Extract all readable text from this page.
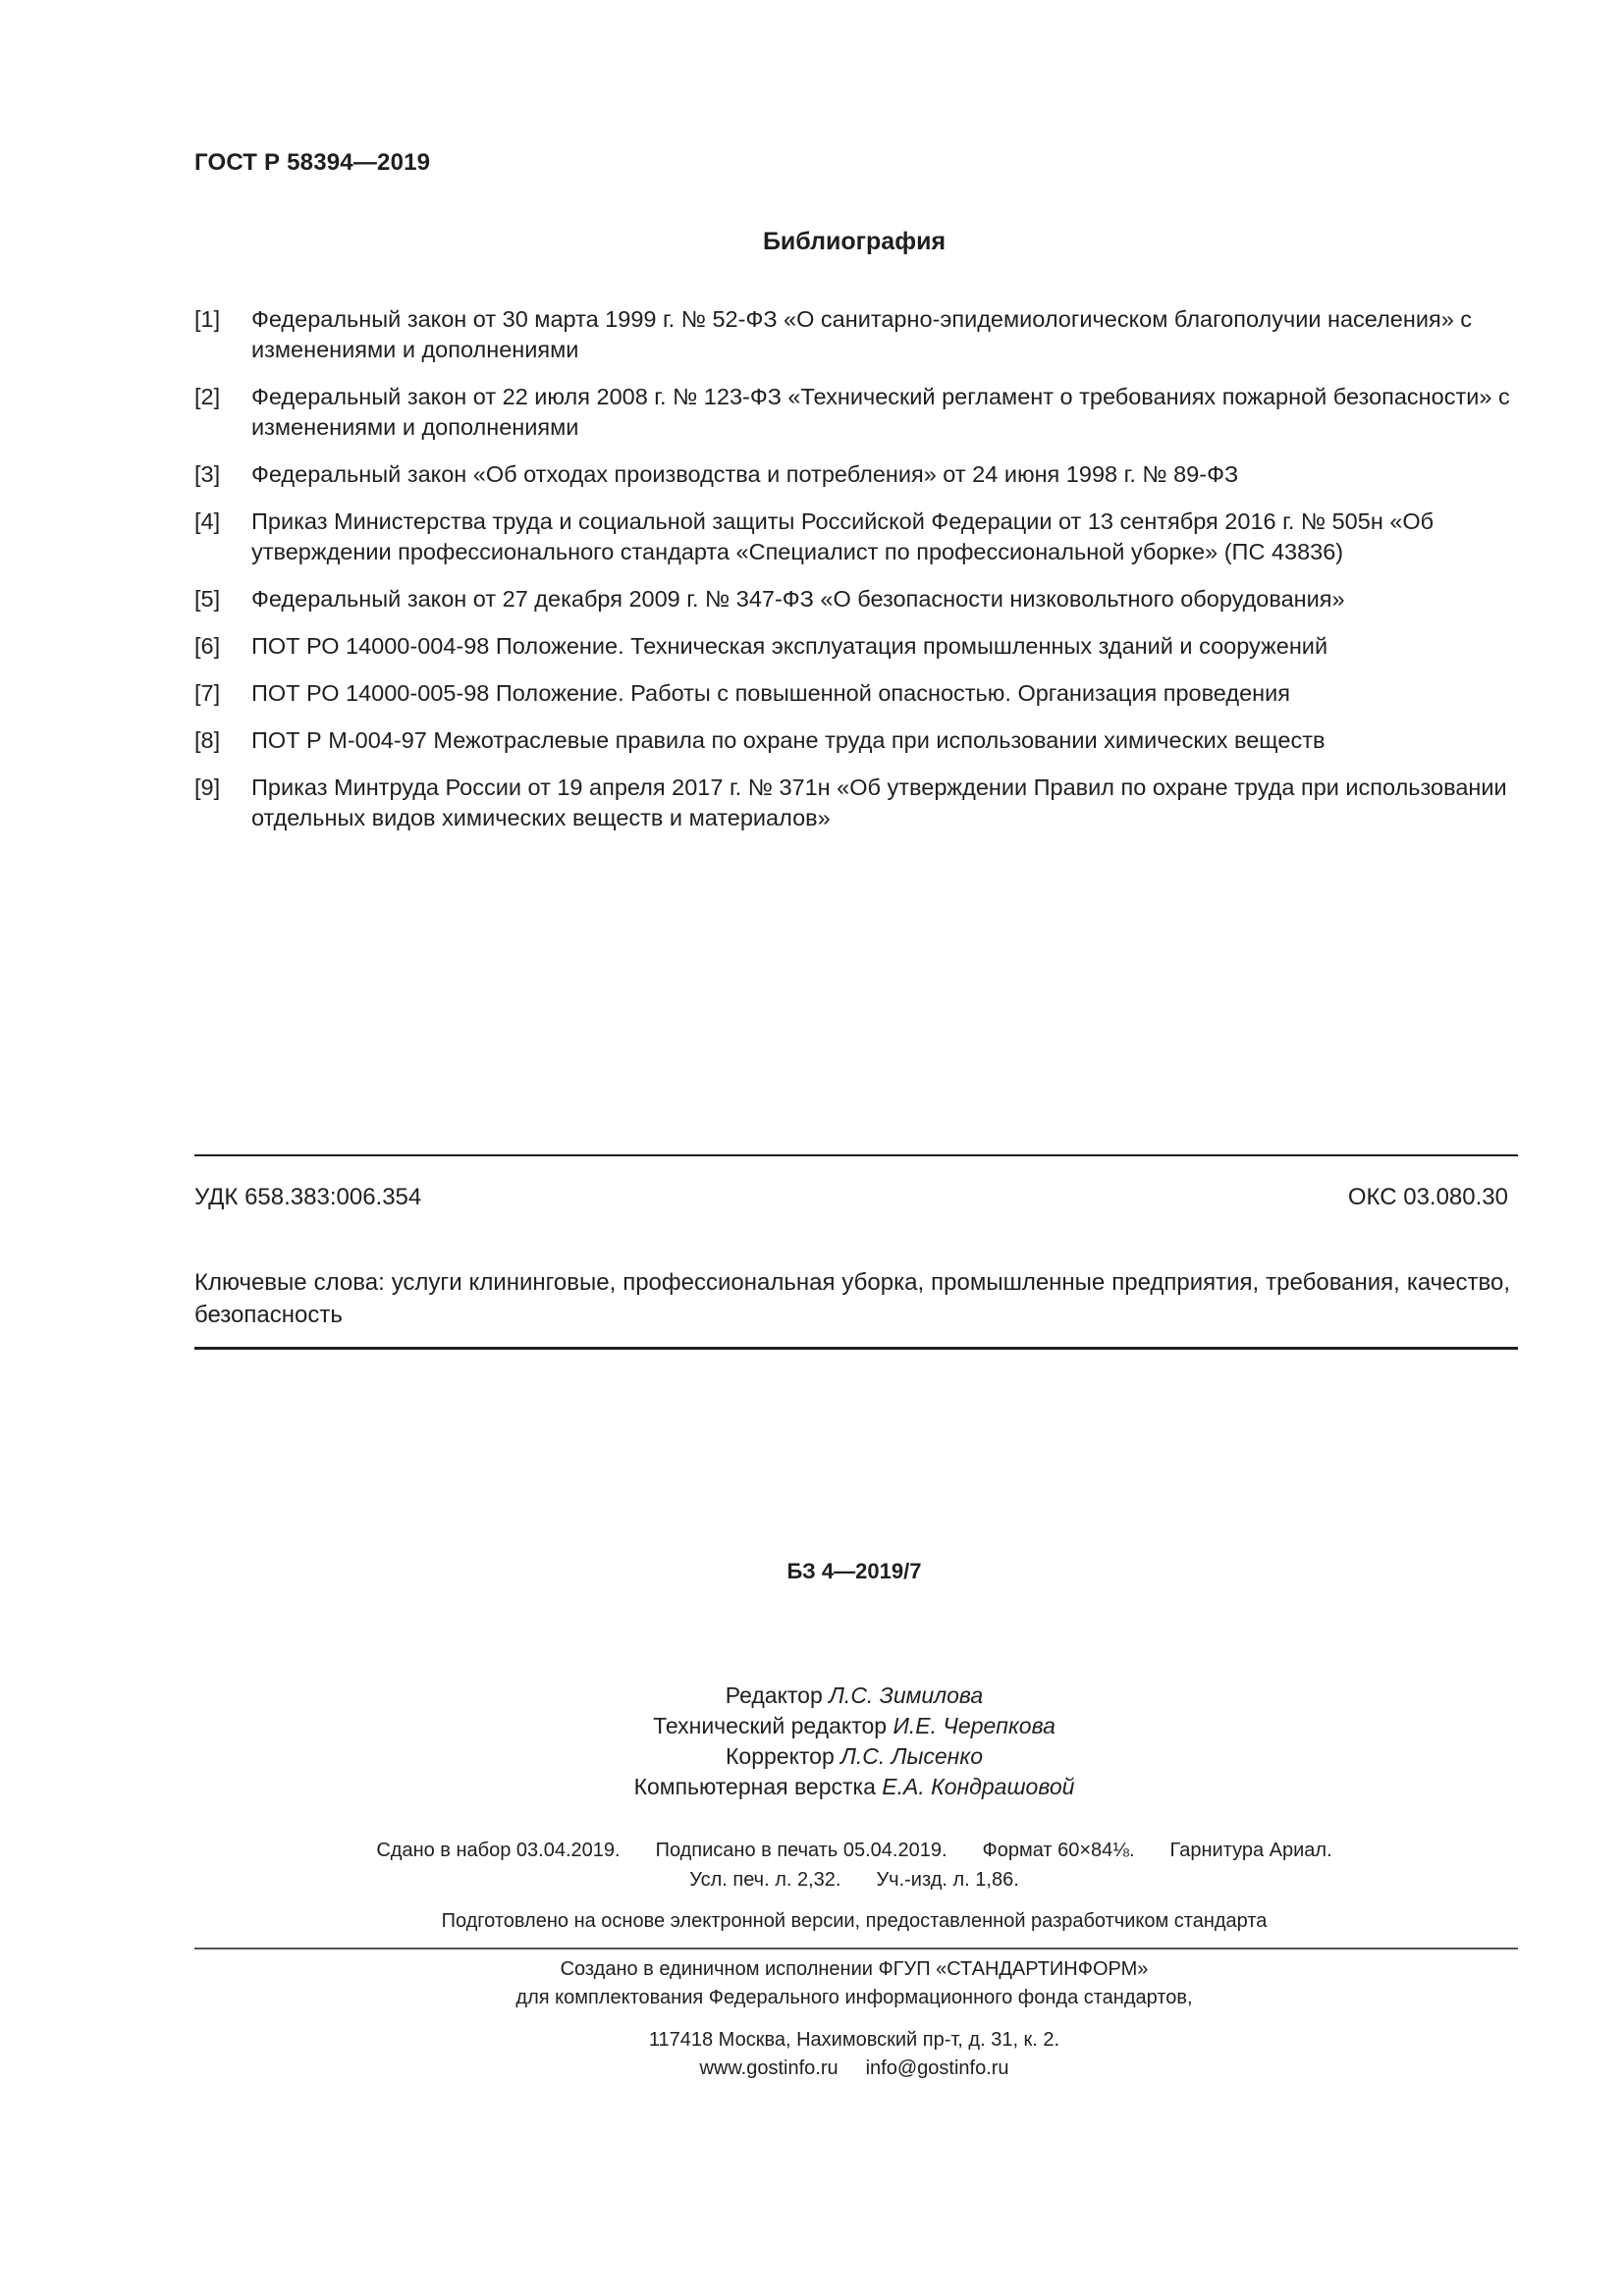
ГОСТ Р 58394—2019
Библиография
[1]	Федеральный закон от 30 марта 1999 г. № 52-ФЗ «О санитарно-эпидемиологическом благополучии населения» с изменениями и дополнениями
[2]	Федеральный закон от 22 июля 2008 г. № 123-ФЗ «Технический регламент о требованиях пожарной безопасности» с изменениями и дополнениями
[3]	Федеральный закон «Об отходах производства и потребления» от 24 июня 1998 г. № 89-ФЗ
[4]	Приказ Министерства труда и социальной защиты Российской Федерации от 13 сентября 2016 г. № 505н «Об утверждении профессионального стандарта «Специалист по профессиональной уборке» (ПС 43836)
[5]	Федеральный закон от 27 декабря 2009 г. № 347-ФЗ «О безопасности низковольтного оборудования»
[6]	ПОТ РО 14000-004-98 Положение. Техническая эксплуатация промышленных зданий и сооружений
[7]	ПОТ РО 14000-005-98 Положение. Работы с повышенной опасностью. Организация проведения
[8]	ПОТ Р М-004-97 Межотраслевые правила по охране труда при использовании химических веществ
[9]	Приказ Минтруда России от 19 апреля 2017 г. № 371н «Об утверждении Правил по охране труда при использовании отдельных видов химических веществ и материалов»
УДК 658.383:006.354	ОКС 03.080.30
Ключевые слова: услуги клининговые, профессиональная уборка, промышленные предприятия, требования, качество, безопасность
БЗ 4—2019/7
Редактор Л.С. Зимилова
Технический редактор И.Е. Черепкова
Корректор Л.С. Лысенко
Компьютерная верстка Е.А. Кондрашовой
Сдано в набор 03.04.2019. Подписано в печать 05.04.2019. Формат 60×84⅛. Гарнитура Ариал.
Усл. печ. л. 2,32. Уч.-изд. л. 1,86.
Подготовлено на основе электронной версии, предоставленной разработчиком стандарта
Создано в единичном исполнении ФГУП «СТАНДАРТИНФОРМ»
для комплектования Федерального информационного фонда стандартов,
117418 Москва, Нахимовский пр-т, д. 31, к. 2.
www.gostinfo.ru info@gostinfo.ru
